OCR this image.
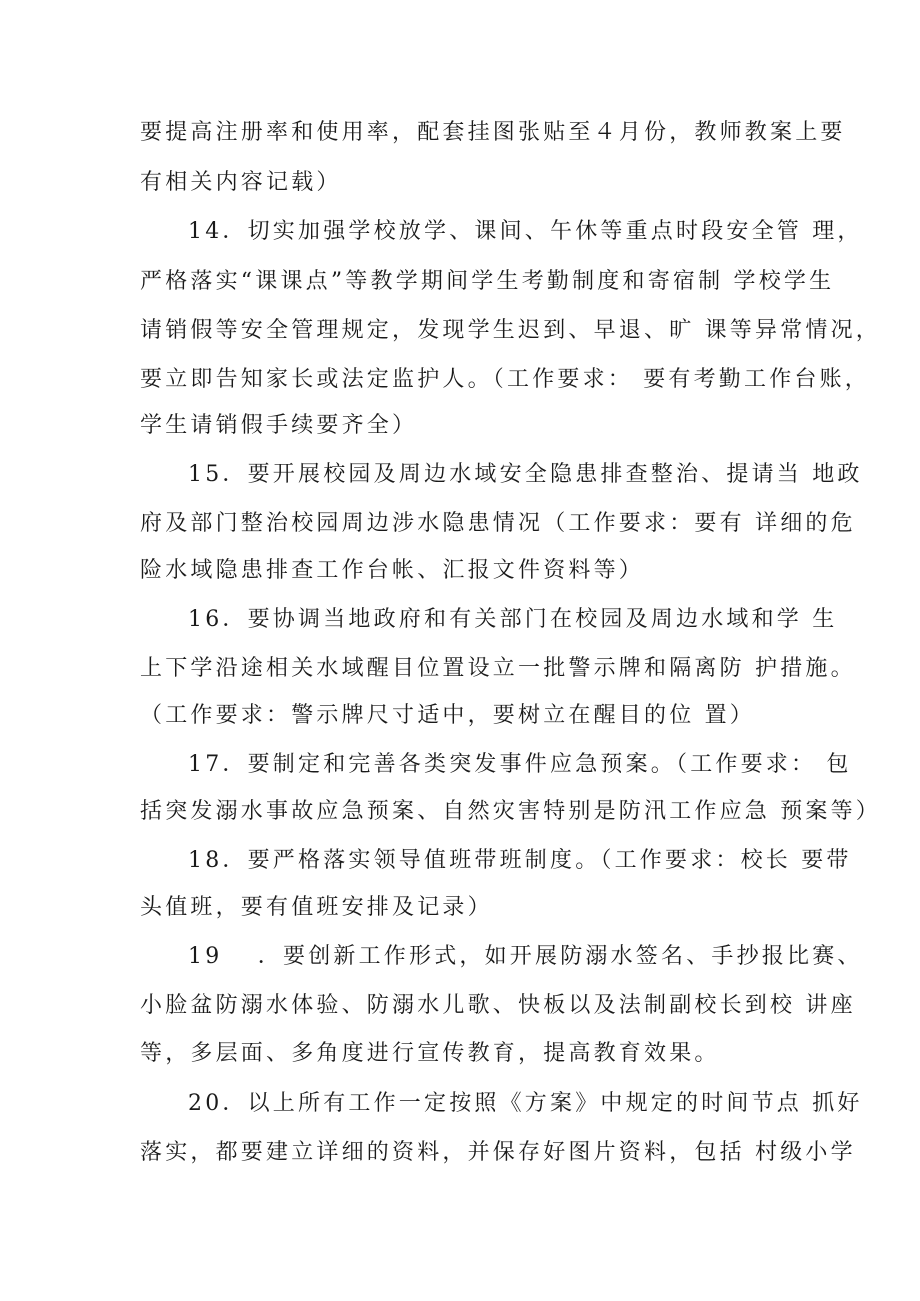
要提高注册率和使用率，配套挂图张贴至４月份，教师教案上要
有相关内容记载）
14．切实加强学校放学、课间、午休等重点时段安全管 理，
严格落实“课课点”等教学期间学生考勤制度和寄宿制 学校学生
请销假等安全管理规定，发现学生迟到、早退、旷 课等异常情况，
要立即告知家长或法定监护人。（工作要求： 要有考勤工作台账，
学生请销假手续要齐全）
15．要开展校园及周边水域安全隐患排查整治、提请当 地政
府及部门整治校园周边涉水隐患情况（工作要求：要有 详细的危
险水域隐患排查工作台帐、汇报文件资料等）
16．要协调当地政府和有关部门在校园及周边水域和学 生
上下学沿途相关水域醒目位置设立一批警示牌和隔离防 护措施。
（工作要求：警示牌尺寸适中，要树立在醒目的位 置）
17．要制定和完善各类突发事件应急预案。（工作要求： 包
括突发溺水事故应急预案、自然灾害特别是防汛工作应急 预案等）
18．要严格落实领导值班带班制度。（工作要求：校长 要带
头值班，要有值班安排及记录）
19　 ．要创新工作形式，如开展防溺水签名、手抄报比赛、
小脸盆防溺水体验、防溺水儿歌、快板以及法制副校长到校 讲座
等，多层面、多角度进行宣传教育，提高教育效果。
20．以上所有工作一定按照《方案》中规定的时间节点 抓好
落实，都要建立详细的资料，并保存好图片资料，包括 村级小学
